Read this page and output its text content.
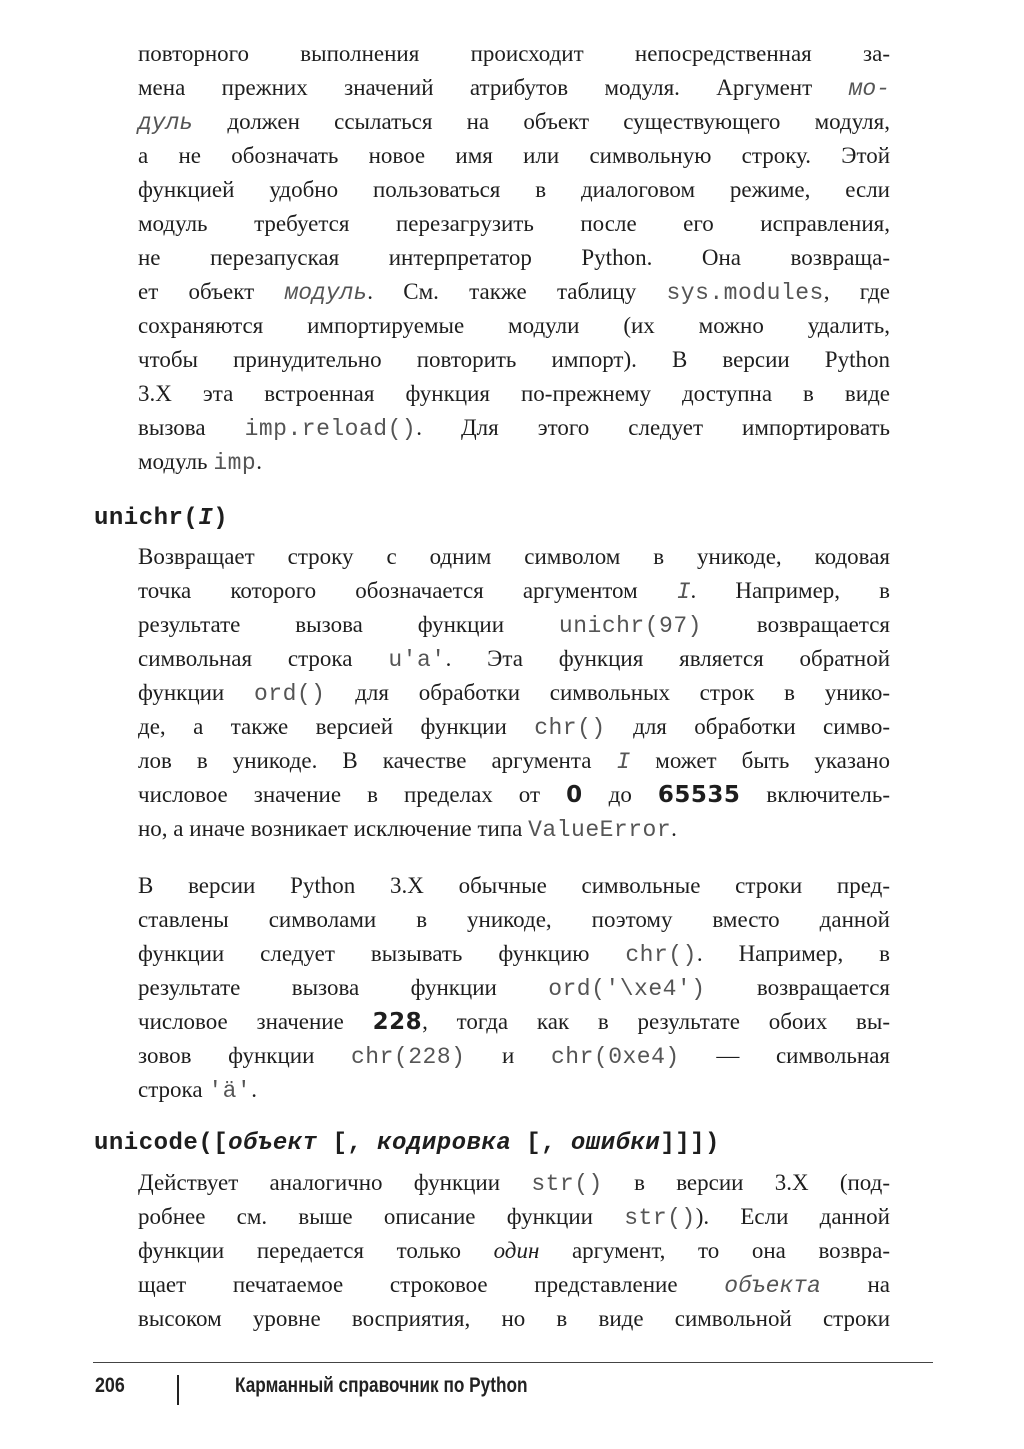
повторного выполнения происходит непосредственная за-
мена прежних значений атрибутов модуля. Аргумент мо-
дуль должен ссылаться на объект существующего модуля,
а не обозначать новое имя или символьную строку. Этой
функцией удобно пользоваться в диалоговом режиме, если
модуль требуется перезагрузить после его исправления,
не перезапуская интерпретатор Python. Она возвраща-
ет объект модуль. См. также таблицу sys.modules, где
сохраняются импортируемые модули (их можно удалить,
чтобы принудительно повторить импорт). В версии Python
3.X эта встроенная функция по-прежнему доступна в виде
вызова imp.reload(). Для этого следует импортировать
модуль imp.
unichr(I)
Возвращает строку с одним символом в уникоде, кодовая
точка которого обозначается аргументом I. Например, в
результате вызова функции unichr(97) возвращается
символьная строка u'a'. Эта функция является обратной
функции ord() для обработки символьных строк в унико-
де, а также версией функции chr() для обработки симво-
лов в уникоде. В качестве аргумента I может быть указано
числовое значение в пределах от 0 до 65535 включитель-
но, а иначе возникает исключение типа ValueError.
В версии Python 3.X обычные символьные строки пред-
ставлены символами в уникоде, поэтому вместо данной
функции следует вызывать функцию chr(). Например, в
результате вызова функции ord('\xe4') возвращается
числовое значение 228, тогда как в результате обоих вы-
зовов функции chr(228) и chr(0xe4) — символьная
строка 'ä'.
unicode([объект [, кодировка [, ошибки]]])
Действует аналогично функции str() в версии 3.X (под-
робнее см. выше описание функции str()). Если данной
функции передается только один аргумент, то она возвра-
щает печатаемое строковое представление объекта на
высоком уровне восприятия, но в виде символьной строки
206	Карманный справочник по Python
